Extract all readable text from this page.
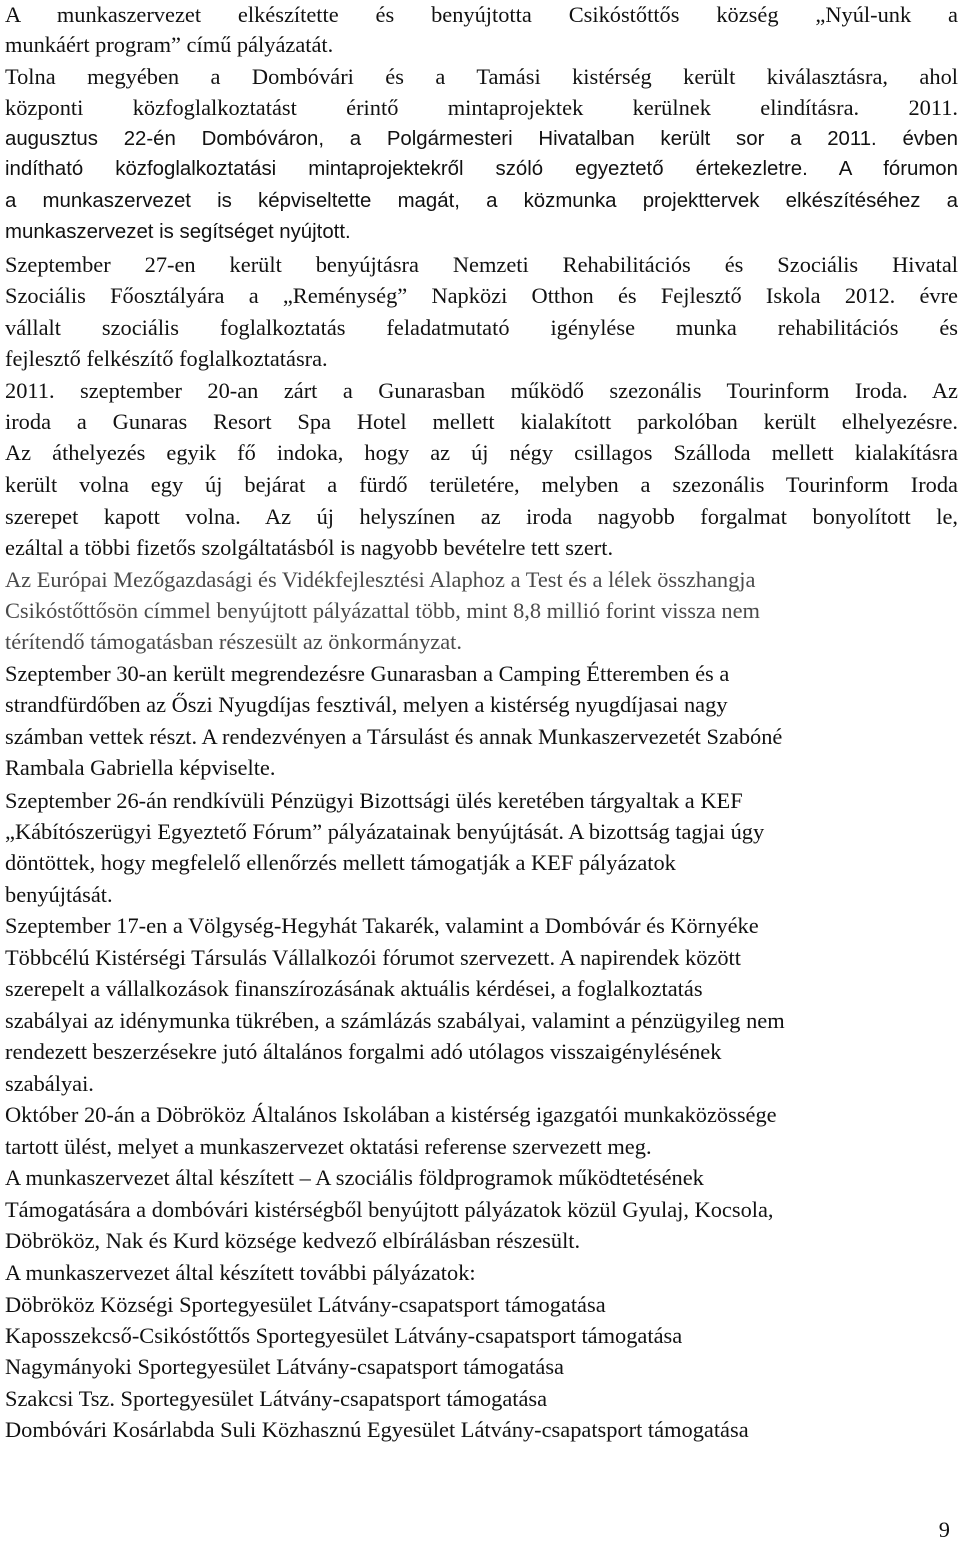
A munkaszervezet elkészítette és benyújtotta Csikóstőttős község „Nyúl-unk a
munkáért program” című pályázatát.
Tolna megyében a Dombóvári és a Tamási kistérség került kiválasztásra, ahol
központi közfoglalkoztatást érintő mintaprojektek kerülnek elindításra. 2011.
augusztus 22-én Dombóváron, a Polgármesteri Hivatalban került sor a 2011. évben
indítható közfoglalkoztatási mintaprojektekről szóló egyeztető értekezletre. A fórumon
a munkaszervezet is képviseltette magát, a közmunka projekttervek elkészítéséhez a
munkaszervezet is segítséget nyújtott.
Szeptember 27-en került benyújtásra Nemzeti Rehabilitációs és Szociális Hivatal
Szociális Főosztályára a „Reménység” Napközi Otthon és Fejlesztő Iskola 2012. évre
vállalt szociális foglalkoztatás feladatmutató igénylése munka rehabilitációs és
fejlesztő felkészítő foglalkoztatásra.
2011. szeptember 20-an zárt a Gunarasban működő szezonális Tourinform Iroda. Az
iroda a Gunaras Resort Spa Hotel mellett kialakított parkolóban került elhelyezésre.
Az áthelyezés egyik fő indoka, hogy az új négy csillagos Szálloda mellett kialakításra
került volna egy új bejárat a fürdő területére, melyben a szezonális Tourinform Iroda
szerepet kapott volna. Az új helyszínen az iroda nagyobb forgalmat bonyolított le,
ezáltal a többi fizetős szolgáltatásból is nagyobb bevételre tett szert.
Az Európai Mezőgazdasági és Vidékfejlesztési Alaphoz a Test és a lélek összhangja
Csikóstőttősön címmel benyújtott pályázattal több, mint 8,8 millió forint vissza nem
térítendő támogatásban részesült az önkormányzat.
Szeptember 30-an került megrendezésre Gunarasban a Camping Étteremben és a
strandfürdőben az Őszi Nyugdíjas fesztivál, melyen a kistérség nyugdíjasai nagy
számban vettek részt. A rendezvényen a Társulást és annak Munkaszervezetét Szabóné
Rambala Gabriella képviselte.
Szeptember 26-án rendkívüli Pénzügyi Bizottsági ülés keretében tárgyaltak a KEF
„Kábítószerügyi Egyeztető Fórum” pályázatainak benyújtását. A bizottság tagjai úgy
döntöttek, hogy megfelelő ellenőrzés mellett támogatják a KEF pályázatok
benyújtását.
Szeptember 17-en a Völgység-Hegyhát Takarék, valamint a Dombóvár és Környéke
Többcélú Kistérségi Társulás Vállalkozói fórumot szervezett. A napirendek között
szerepelt a vállalkozások finanszírozásának aktuális kérdései, a foglalkoztatás
szabályai az idénymunka tükrében, a számlázás szabályai, valamint a pénzügyileg nem
rendezett beszerzésekre jutó általános forgalmi adó utólagos visszaigénylésének
szabályai.
Október 20-án a Döbrököz Általános Iskolában a kistérség igazgatói munkaközössége
tartott ülést, melyet a munkaszervezet oktatási referense szervezett meg.
A munkaszervezet által készített – A szociális földprogramok működtetésének
Támogatására a dombóvári kistérségből benyújtott pályázatok közül Gyulaj, Kocsola,
Döbrököz, Nak és Kurd községe kedvező elbírálásban részesült.
A munkaszervezet által készített további pályázatok:
Döbrököz Községi Sportegyesület Látvány-csapatsport támogatása
Kaposszekcső-Csikóstőttős Sportegyesület Látvány-csapatsport támogatása
Nagymányoki Sportegyesület Látvány-csapatsport támogatása
Szakcsi Tsz. Sportegyesület Látvány-csapatsport támogatása
Dombóvári Kosárlabda Suli Közhasznú Egyesület Látvány-csapatsport támogatása
9
